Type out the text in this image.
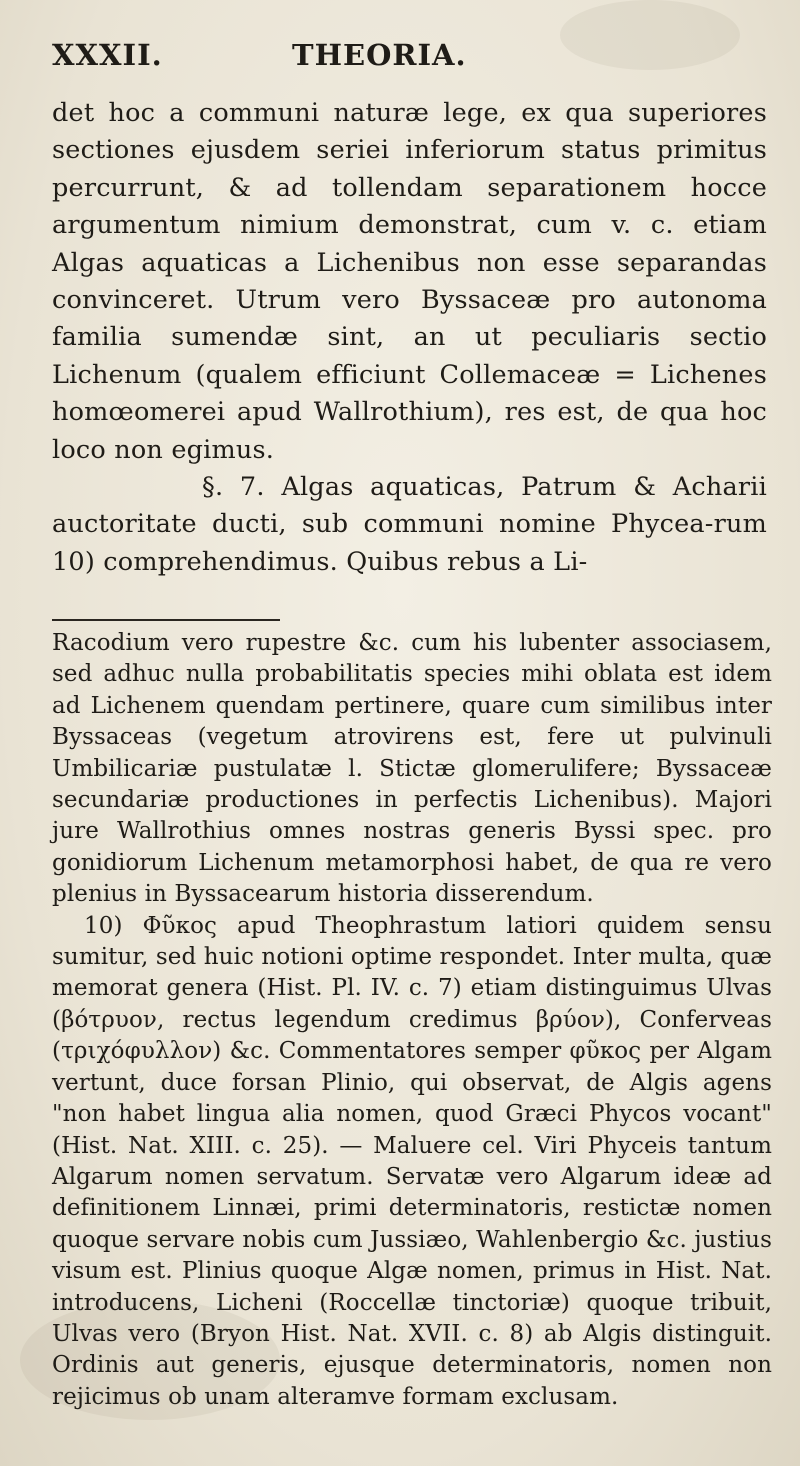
XXXII.	THEORIA.

det hoc a communi naturæ lege, ex qua superiores sectiones ejusdem seriei inferiorum status primitus percurrunt, & ad tollendam separationem hocce argumentum nimium demonstrat, cum v. c. etiam Algas aquaticas a Lichenibus non esse separandas convinceret. Utrum vero Byssaceæ pro autonoma familia sumendæ sint, an ut peculiaris sectio Lichenum (qualem efficiunt Collemaceæ = Lichenes homœomerei apud Wallrothium), res est, de qua hoc loco non egimus.

§. 7. Algas aquaticas, Patrum & Acharii auctoritate ducti, sub communi nomine Phycea-rum 10) comprehendimus. Quibus rebus a Li-

Racodium vero rupestre &c. cum his lubenter associasem, sed adhuc nulla probabilitatis species mihi oblata est idem ad Lichenem quendam pertinere, quare cum similibus inter Byssaceas (vegetum atrovirens est, fere ut pulvinuli Umbilicariæ pustulatæ l. Stictæ glomerulifere; Byssaceæ secundariæ productiones in perfectis Lichenibus). Majori jure Wallrothius omnes nostras generis Byssi spec. pro gonidiorum Lichenum metamorphosi habet, de qua re vero plenius in Byssacearum historia disserendum.

10) Φῦκος apud Theophrastum latiori quidem sensu sumitur, sed huic notioni optime respondet. Inter multa, quæ memorat genera (Hist. Pl. IV. c. 7) etiam distinguimus Ulvas (βότρυον, rectus legendum credimus βρύον), Conferveas (τριχόφυλλον) &c. Commentatores semper φῦκος per Algam vertunt, duce forsan Plinio, qui observat, de Algis agens "non habet lingua alia nomen, quod Græci Phycos vocant" (Hist. Nat. XIII. c. 25). — Maluere cel. Viri Phyceis tantum Algarum nomen servatum. Servatæ vero Algarum ideæ ad definitionem Linnæi, primi determinatoris, restictæ nomen quoque servare nobis cum Jussiæo, Wahlenbergio &c. justius visum est. Plinius quoque Algæ nomen, primus in Hist. Nat. introducens, Licheni (Roccellæ tinctoriæ) quoque tribuit, Ulvas vero (Bryon Hist. Nat. XVII. c. 8) ab Algis distinguit. Ordinis aut generis, ejusque determinatoris, nomen non rejicimus ob unam alteramve formam exclusam.
